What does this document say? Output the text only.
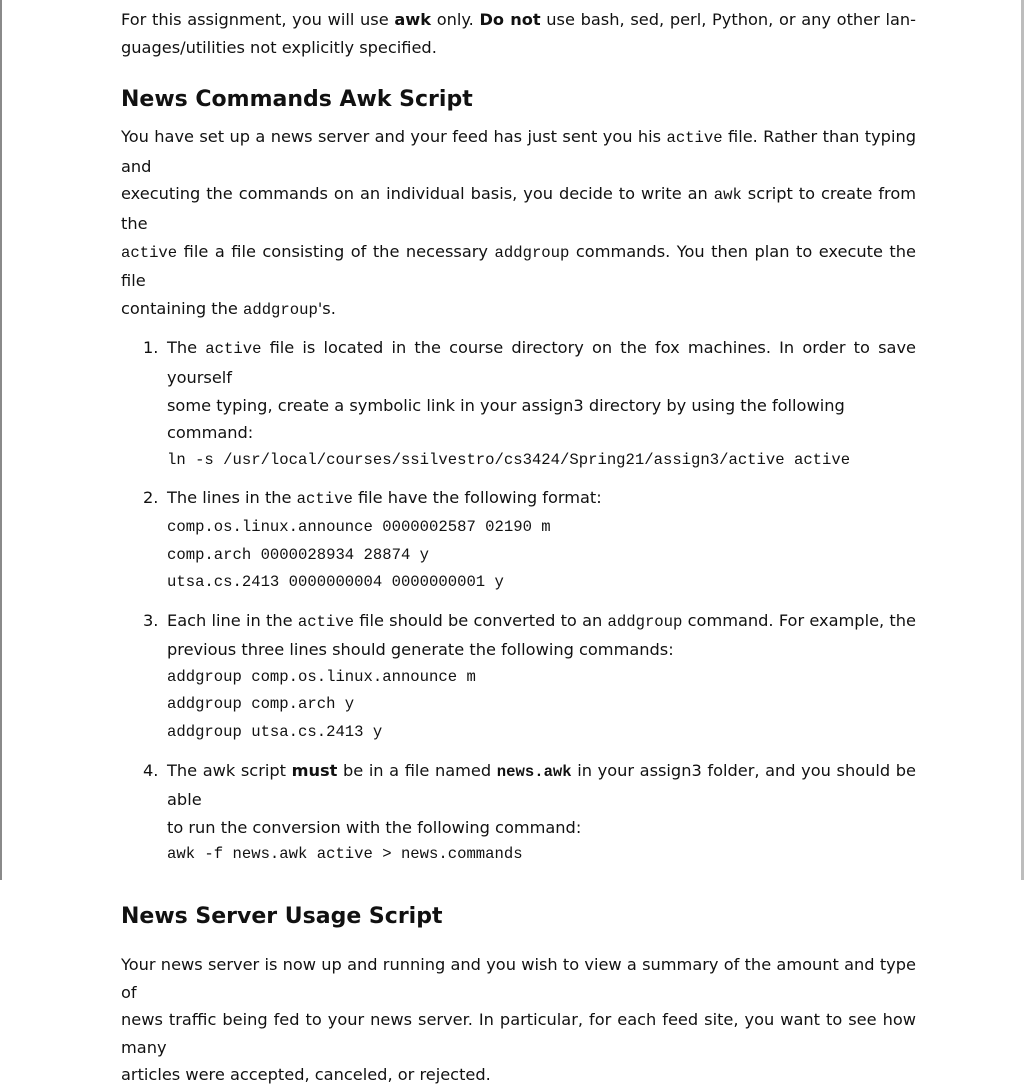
For this assignment, you will use awk only. Do not use bash, sed, perl, Python, or any other lan-

guages/utilities not explicitly specified.

News Commands Awk Script

You have set up a news server and your feed has just sent you his active file. Rather than typing and

executing the commands on an individual basis, you decide to write an awk script to create from the

active file a file consisting of the necessary addgroup commands. You then plan to execute the file

containing the addgroup's.

1. The active file is located in the course directory on the fox machines. In order to save yourself

some typing, create a symbolic link in your assign3 directory by using the following command:

ln -s /usr/local/courses/ssilvestro/cs3424/Spring21/assign3/active active
2. The lines in the active file have the following format:

comp.os.linux.announce 0000002587 02190 m
comp.arch 0000028934 28874 y
utsa.cs.2413 0000000004 0000000001 y
3. Each line in the active file should be converted to an addgroup command. For example, the

previous three lines should generate the following commands:

addgroup comp.os.linux.announce m
addgroup comp.arch y
addgroup utsa.cs.2413 y
4. The awk script must be in a file named news.awk in your assign3 folder, and you should be able

to run the conversion with the following command:

awk -f news.awk active > news.commands
News Server Usage Script

Your news server is now up and running and you wish to view a summary of the amount and type of

news traffic being fed to your news server. In particular, for each feed site, you want to see how many

articles were accepted, canceled, or rejected.
